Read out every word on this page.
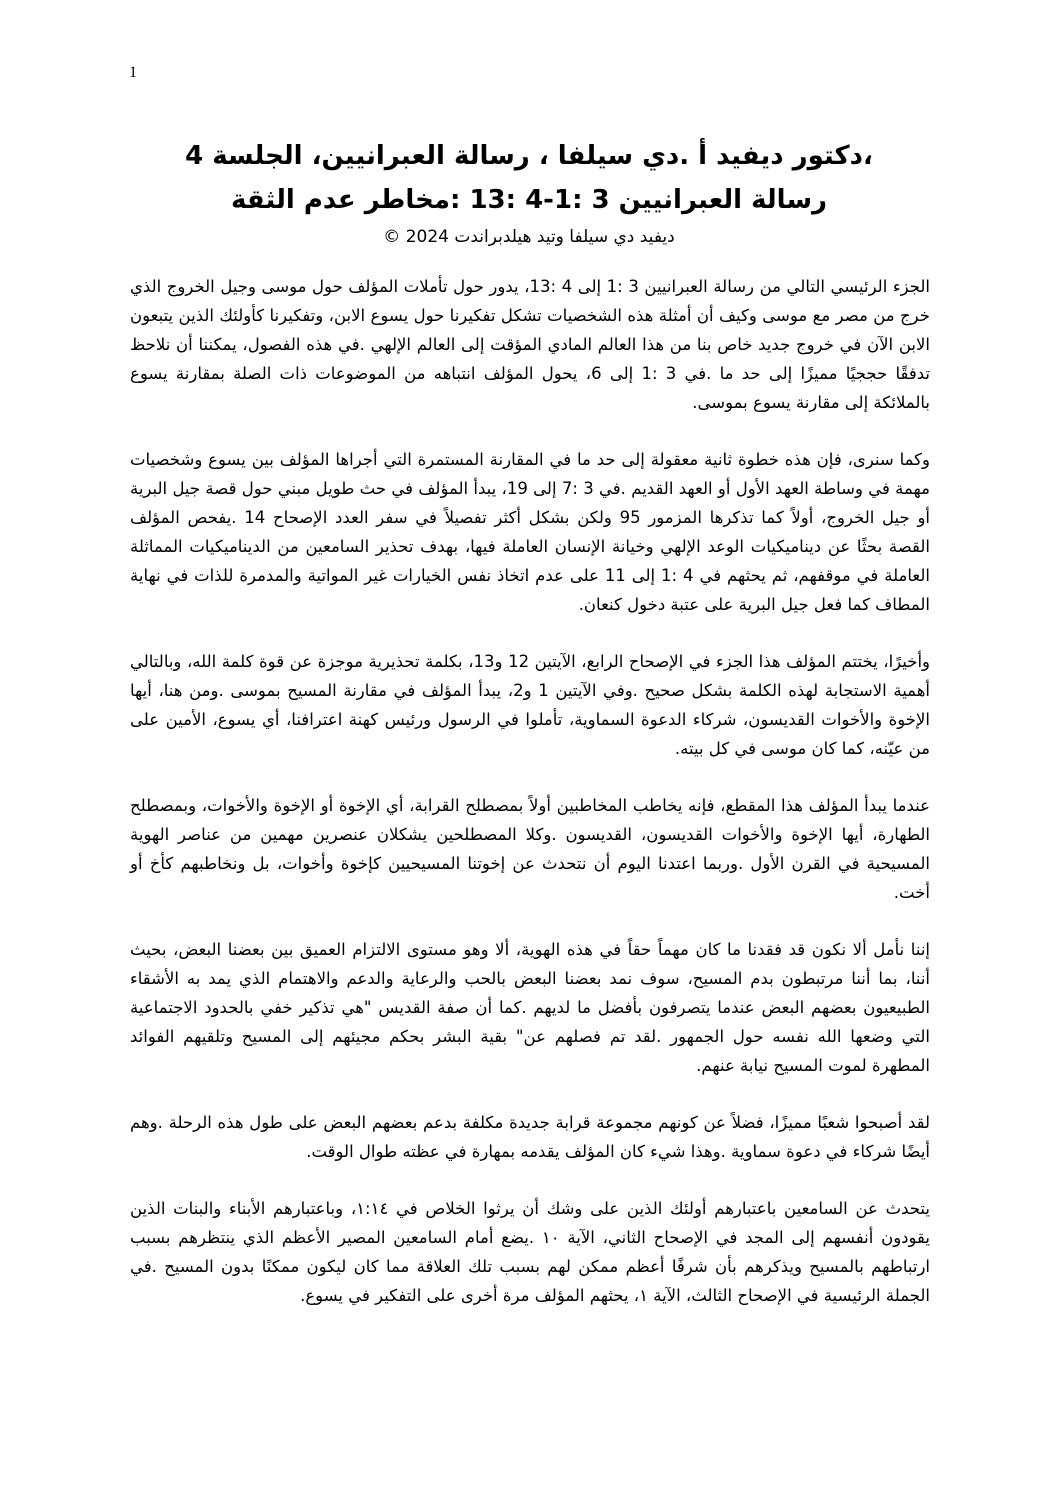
1

،دكتور ديفيد أ .دي سيلفا ، رسالة العبرانيين، الجلسة 4

رسالة العبرانيين 3 :1-4 :13 :مخاطر عدم الثقة

ديفيد دي سيلفا وتيد هيلدبراندت 2024 ©

الجزء الرئيسي التالي من رسالة العبرانيين 3 :1 إلى 4 :13، يدور حول تأملات المؤلف حول موسى وجيل الخروج الذي خرج من مصر مع موسى وكيف أن أمثلة هذه الشخصيات تشكل تفكيرنا حول يسوع الابن، وتفكيرنا كأولئك الذين يتبعون الابن الآن في خروج جديد خاص بنا من هذا العالم المادي المؤقت إلى العالم الإلهي .في هذه الفصول، يمكننا أن نلاحظ تدفقًا حججيًا مميزًا إلى حد ما .في 3 :1 إلى 6، يحول المؤلف انتباهه من الموضوعات ذات الصلة بمقارنة يسوع بالملائكة إلى مقارنة يسوع بموسى.

وكما سنرى، فإن هذه خطوة ثانية معقولة إلى حد ما في المقارنة المستمرة التي أجراها المؤلف بين يسوع وشخصيات مهمة في وساطة العهد الأول أو العهد القديم .في 3 :7 إلى 19، يبدأ المؤلف في حث طويل مبني حول قصة جيل البرية أو جيل الخروج، أولاً كما تذكرها المزمور 95 ولكن بشكل أكثر تفصيلاً في سفر العدد الإصحاح 14 .يفحص المؤلف القصة بحثًا عن ديناميكيات الوعد الإلهي وخيانة الإنسان العاملة فيها، بهدف تحذير السامعين من الديناميكيات المماثلة العاملة في موقفهم، ثم يحثهم في 4 :1 إلى 11 على عدم اتخاذ نفس الخيارات غير المواتية والمدمرة للذات في نهاية المطاف كما فعل جيل البرية على عتبة دخول كنعان.

وأخيرًا، يختتم المؤلف هذا الجزء في الإصحاح الرابع، الآيتين 12 و13، بكلمة تحذيرية موجزة عن قوة كلمة الله، وبالتالي أهمية الاستجابة لهذه الكلمة بشكل صحيح .وفي الآيتين 1 و2، يبدأ المؤلف في مقارنة المسيح بموسى .ومن هنا، أيها الإخوة والأخوات القديسون، شركاء الدعوة السماوية، تأملوا في الرسول ورئيس كهنة اعترافنا، أي يسوع، الأمين على من عيّنه، كما كان موسى في كل بيته.

عندما يبدأ المؤلف هذا المقطع، فإنه يخاطب المخاطبين أولاً بمصطلح القرابة، أي الإخوة أو الإخوة والأخوات، وبمصطلح الطهارة، أيها الإخوة والأخوات القديسون، القديسون .وكلا المصطلحين يشكلان عنصرين مهمين من عناصر الهوية المسيحية في القرن الأول .وربما اعتدنا اليوم أن نتحدث عن إخوتنا المسيحيين كإخوة وأخوات، بل ونخاطبهم كأخ أو أخت.

إننا نأمل ألا نكون قد فقدنا ما كان مهماً حقاً في هذه الهوية، ألا وهو مستوى الالتزام العميق بين بعضنا البعض، بحيث أننا، بما أننا مرتبطون بدم المسيح، سوف نمد بعضنا البعض بالحب والرعاية والدعم والاهتمام الذي يمد به الأشقاء الطبيعيون بعضهم البعض عندما يتصرفون بأفضل ما لديهم .كما أن صفة القديس "هي تذكير خفي بالحدود الاجتماعية التي وضعها الله نفسه حول الجمهور .لقد تم فصلهم عن" بقية البشر بحكم مجيئهم إلى المسيح وتلقيهم الفوائد المطهرة لموت المسيح نيابة عنهم.

لقد أصبحوا شعبًا مميزًا، فضلاً عن كونهم مجموعة قرابة جديدة مكلفة بدعم بعضهم البعض على طول هذه الرحلة .وهم أيضًا شركاء في دعوة سماوية .وهذا شيء كان المؤلف يقدمه بمهارة في عظته طوال الوقت.

يتحدث عن السامعين باعتبارهم أولئك الذين على وشك أن يرثوا الخلاص في ١:١٤، وباعتبارهم الأبناء والبنات الذين يقودون أنفسهم إلى المجد في الإصحاح الثاني، الآية ١٠ .يضع أمام السامعين المصير الأعظم الذي ينتظرهم بسبب ارتباطهم بالمسيح ويذكرهم بأن شرفًا أعظم ممكن لهم بسبب تلك العلاقة مما كان ليكون ممكنًا بدون المسيح .في الجملة الرئيسية في الإصحاح الثالث، الآية ١، يحثهم المؤلف مرة أخرى على التفكير في يسوع.
